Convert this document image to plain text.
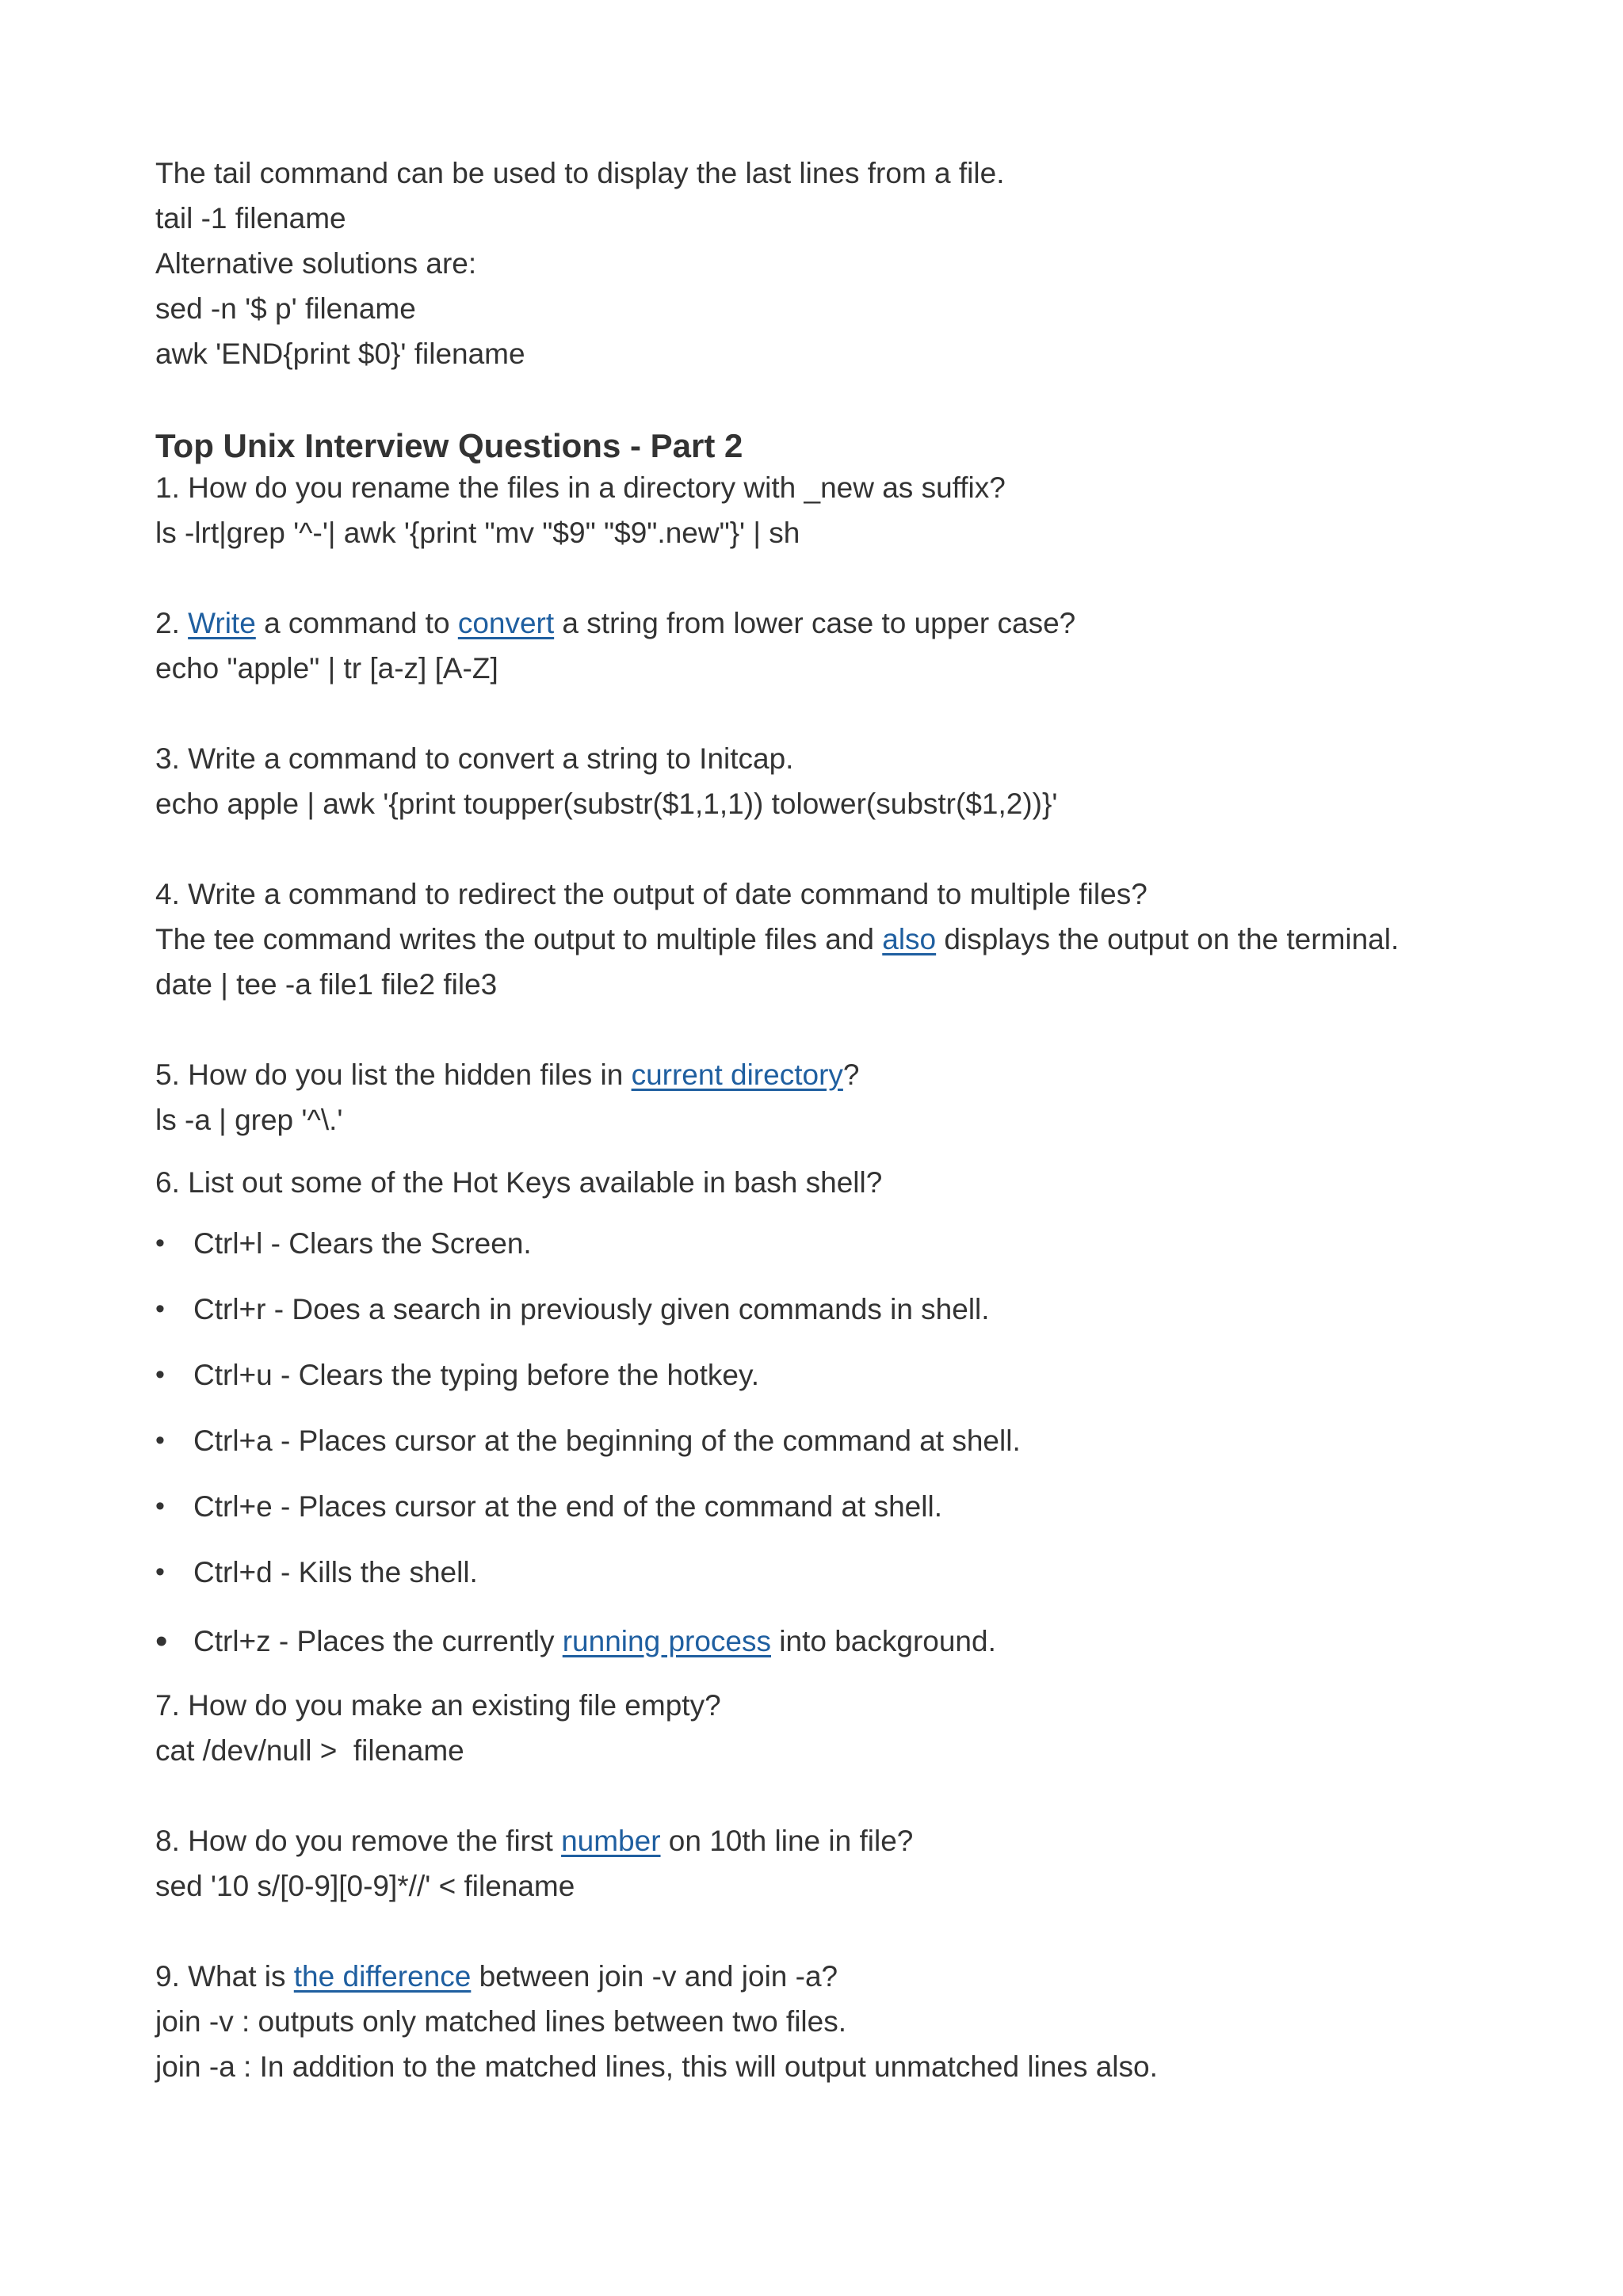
The tail command can be used to display the last lines from a file.
tail -1 filename
Alternative solutions are:
sed -n '$ p' filename
awk 'END{print $0}' filename
Top Unix Interview Questions - Part 2
1. How do you rename the files in a directory with _new as suffix?
ls -lrt|grep '^-'| awk '{print "mv "$9" "$9".new"}' | sh
2. Write a command to convert a string from lower case to upper case?
echo "apple" | tr [a-z] [A-Z]
3. Write a command to convert a string to Initcap.
echo apple | awk '{print toupper(substr($1,1,1)) tolower(substr($1,2))}'
4. Write a command to redirect the output of date command to multiple files?
The tee command writes the output to multiple files and also displays the output on the terminal.
date | tee -a file1 file2 file3
5. How do you list the hidden files in current directory?
ls -a | grep '^\.'
6. List out some of the Hot Keys available in bash shell?
• Ctrl+l - Clears the Screen.
• Ctrl+r - Does a search in previously given commands in shell.
• Ctrl+u - Clears the typing before the hotkey.
• Ctrl+a - Places cursor at the beginning of the command at shell.
• Ctrl+e - Places cursor at the end of the command at shell.
• Ctrl+d - Kills the shell.
• Ctrl+z - Places the currently running process into background.
7. How do you make an existing file empty?
cat /dev/null >  filename
8. How do you remove the first number on 10th line in file?
sed '10 s/[0-9][0-9]*//' < filename
9. What is the difference between join -v and join -a?
join -v : outputs only matched lines between two files.
join -a : In addition to the matched lines, this will output unmatched lines also.
